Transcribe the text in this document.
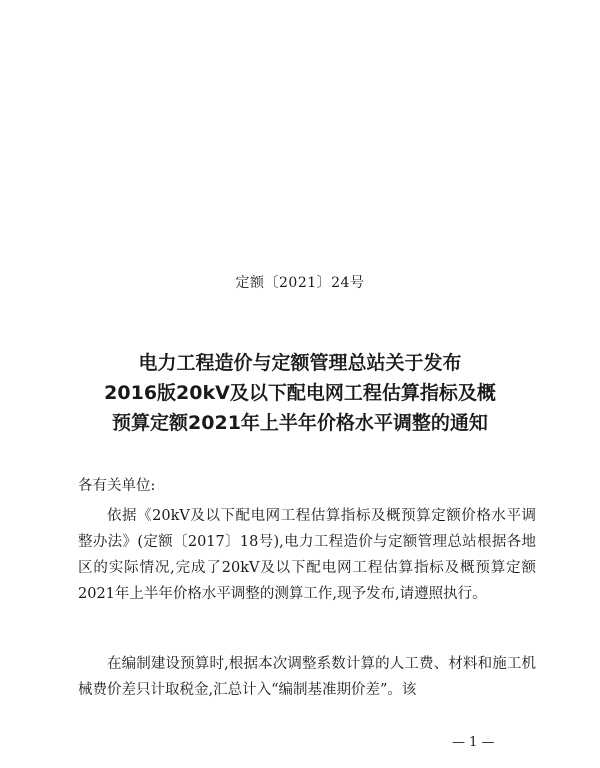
定额〔2021〕24号
电力工程造价与定额管理总站关于发布
2016版20kV及以下配电网工程估算指标及概
预算定额2021年上半年价格水平调整的通知
各有关单位:
依据《20kV及以下配电网工程估算指标及概预算定额价格水平调整办法》(定额〔2017〕18号),电力工程造价与定额管理总站根据各地区的实际情况,完成了20kV及以下配电网工程估算指标及概预算定额2021年上半年价格水平调整的测算工作,现予发布,请遵照执行。
在编制建设预算时,根据本次调整系数计算的人工费、材料和施工机械费价差只计取税金,汇总计入“编制基准期价差”。该
— 1 —
